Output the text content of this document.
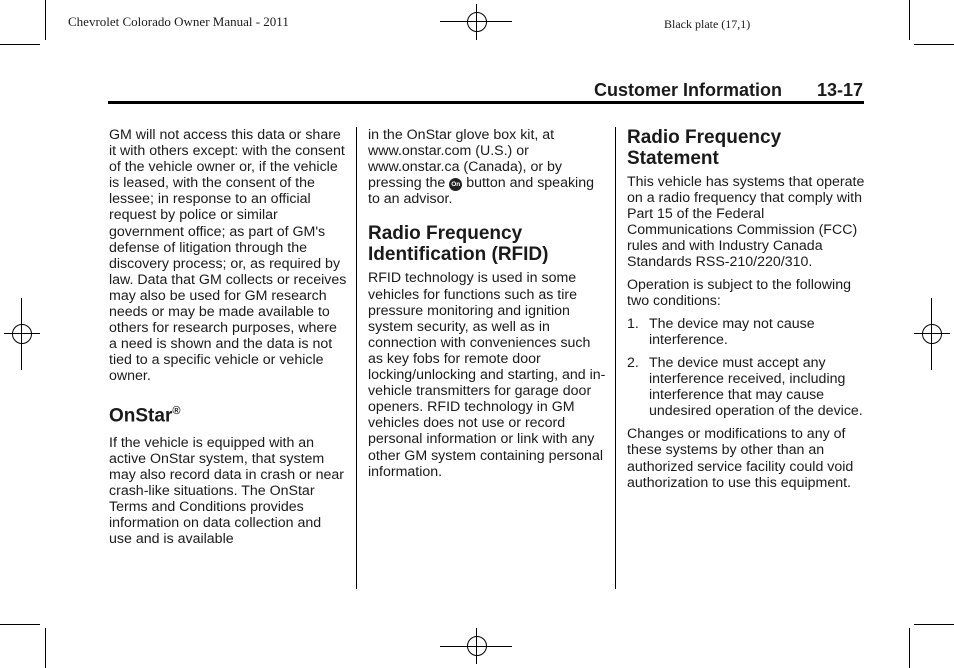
Chevrolet Colorado Owner Manual - 2011	Black plate (17,1)
Customer Information 13-17

GM will not access this data or share it with others except: with the consent of the vehicle owner or, if the vehicle is leased, with the consent of the lessee; in response to an official request by police or similar government office; as part of GM's defense of litigation through the discovery process; or, as required by law. Data that GM collects or receives may also be used for GM research needs or may be made available to others for research purposes, where a need is shown and the data is not tied to a specific vehicle or vehicle owner.

OnStar®

If the vehicle is equipped with an active OnStar system, that system may also record data in crash or near crash-like situations. The OnStar Terms and Conditions provides information on data collection and use and is available

in the OnStar glove box kit, at www.onstar.com (U.S.) or www.onstar.ca (Canada), or by pressing the On button and speaking to an advisor.

Radio Frequency Identification (RFID)

RFID technology is used in some vehicles for functions such as tire pressure monitoring and ignition system security, as well as in connection with conveniences such as key fobs for remote door locking/unlocking and starting, and in-vehicle transmitters for garage door openers. RFID technology in GM vehicles does not use or record personal information or link with any other GM system containing personal information.

Radio Frequency Statement

This vehicle has systems that operate on a radio frequency that comply with Part 15 of the Federal Communications Commission (FCC) rules and with Industry Canada Standards RSS-210/220/310.

Operation is subject to the following two conditions:

1. The device may not cause interference.
2. The device must accept any interference received, including interference that may cause undesired operation of the device.

Changes or modifications to any of these systems by other than an authorized service facility could void authorization to use this equipment.
